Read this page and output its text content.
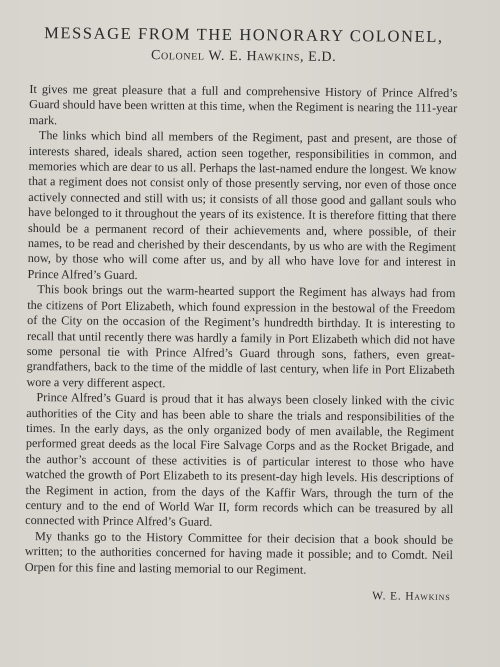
MESSAGE FROM THE HONORARY COLONEL,
Colonel W. E. Hawkins, E.D.

It gives me great pleasure that a full and comprehensive History of Prince Alfred’s Guard should have been written at this time, when the Regiment is nearing the 111-year mark.

The links which bind all members of the Regiment, past and present, are those of interests shared, ideals shared, action seen together, responsibilities in common, and memories which are dear to us all. Perhaps the last-named endure the longest. We know that a regiment does not consist only of those presently serving, nor even of those once actively connected and still with us; it consists of all those good and gallant souls who have belonged to it throughout the years of its existence. It is therefore fitting that there should be a permanent record of their achievements and, where possible, of their names, to be read and cherished by their descendants, by us who are with the Regiment now, by those who will come after us, and by all who have love for and interest in Prince Alfred’s Guard.

This book brings out the warm-hearted support the Regiment has always had from the citizens of Port Elizabeth, which found expression in the bestowal of the Freedom of the City on the occasion of the Regiment’s hundredth birthday. It is interesting to recall that until recently there was hardly a family in Port Elizabeth which did not have some personal tie with Prince Alfred’s Guard through sons, fathers, even great-grandfathers, back to the time of the middle of last century, when life in Port Elizabeth wore a very different aspect.

Prince Alfred’s Guard is proud that it has always been closely linked with the civic authorities of the City and has been able to share the trials and responsibilities of the times. In the early days, as the only organized body of men available, the Regiment performed great deeds as the local Fire Salvage Corps and as the Rocket Brigade, and the author’s account of these activities is of particular interest to those who have watched the growth of Port Elizabeth to its present-day high levels. His descriptions of the Regiment in action, from the days of the Kaffir Wars, through the turn of the century and to the end of World War II, form records which can be treasured by all connected with Prince Alfred’s Guard.

My thanks go to the History Committee for their decision that a book should be written; to the authorities concerned for having made it possible; and to Comdt. Neil Orpen for this fine and lasting memorial to our Regiment.

W. E. Hawkins
